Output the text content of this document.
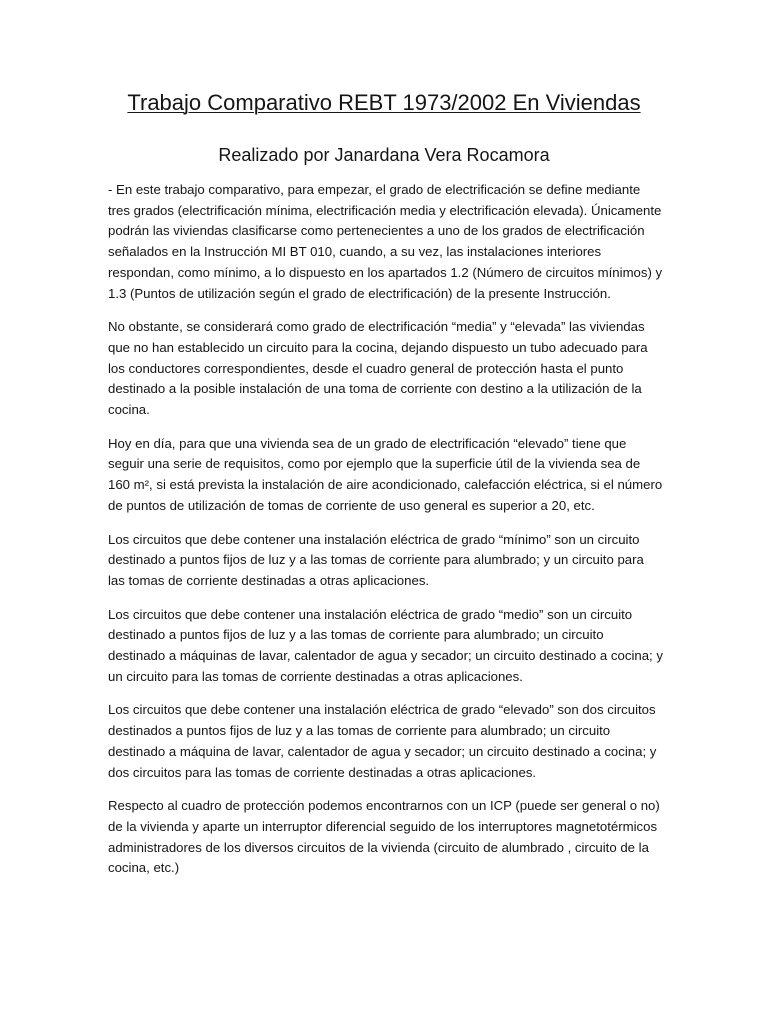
Trabajo Comparativo REBT 1973/2002 En Viviendas
Realizado por Janardana Vera Rocamora

- En este trabajo comparativo, para empezar, el grado de electrificación se define mediante tres grados (electrificación mínima, electrificación media y electrificación elevada). Únicamente podrán las viviendas clasificarse como pertenecientes a uno de los grados de electrificación señalados en la Instrucción MI BT 010, cuando, a su vez, las instalaciones interiores respondan, como mínimo, a lo dispuesto en los apartados 1.2 (Número de circuitos mínimos) y 1.3 (Puntos de utilización según el grado de electrificación) de la presente Instrucción.

No obstante, se considerará como grado de electrificación “media” y “elevada” las viviendas que no han establecido un circuito para la cocina, dejando dispuesto un tubo adecuado para los conductores correspondientes, desde el cuadro general de protección hasta el punto destinado a la posible instalación de una toma de corriente con destino a la utilización de la cocina.

Hoy en día, para que una vivienda sea de un grado de electrificación “elevado” tiene que seguir una serie de requisitos, como por ejemplo que la superficie útil de la vivienda sea de 160 m², si está prevista la instalación de aire acondicionado, calefacción eléctrica, si el número de puntos de utilización de tomas de corriente de uso general es superior a 20, etc.

Los circuitos que debe contener una instalación eléctrica de grado “mínimo” son un circuito destinado a puntos fijos de luz y a las tomas de corriente para alumbrado; y un circuito para las tomas de corriente destinadas a otras aplicaciones.

Los circuitos que debe contener una instalación eléctrica de grado “medio” son un circuito destinado a puntos fijos de luz y a las tomas de corriente para alumbrado; un circuito destinado a máquinas de lavar, calentador de agua y secador; un circuito destinado a cocina; y un circuito para las tomas de corriente destinadas a otras aplicaciones.

Los circuitos que debe contener una instalación eléctrica de grado “elevado” son dos circuitos destinados a puntos fijos de luz y a las tomas de corriente para alumbrado; un circuito destinado a máquina de lavar, calentador de agua y secador; un circuito destinado a cocina; y dos circuitos para las tomas de corriente destinadas a otras aplicaciones.

Respecto al cuadro de protección podemos encontrarnos con un ICP (puede ser general o no) de la vivienda y aparte un interruptor diferencial seguido de los interruptores magnetotérmicos administradores de los diversos circuitos de la vivienda (circuito de alumbrado , circuito de la cocina, etc.)
